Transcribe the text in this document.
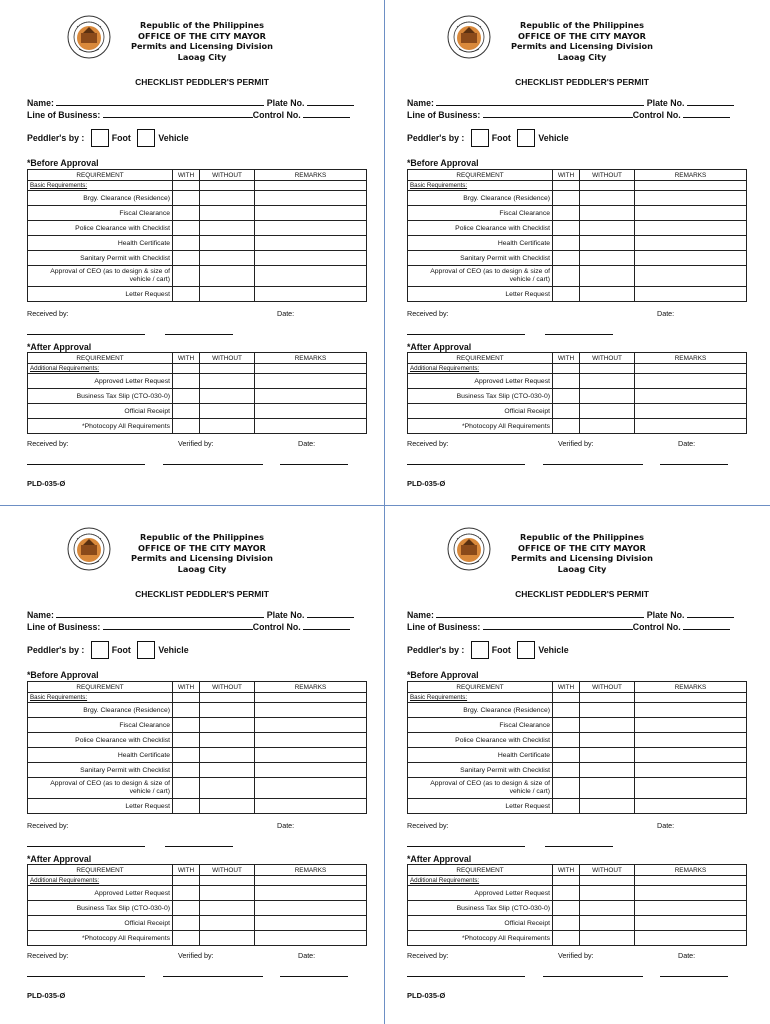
Republic of the Philippines
OFFICE OF THE CITY MAYOR
Permits and Licensing Division
Laoag City
CHECKLIST PEDDLER'S PERMIT
Name:	Plate No.
Line of Business:	Control No.
Peddler's by :	Foot	Vehicle
*Before Approval
REQUIREMENT	WITH	WITHOUT	REMARKS
Basic Requirements:			
Brgy. Clearance (Residence)			
Fiscal Clearance			
Police Clearance with Checklist			
Health Certificate			
Sanitary Permit with Checklist			
Approval of CEO (as to design & size of vehicle / cart)			
Letter Request			
Received by:	Date:
*After Approval
REQUIREMENT	WITH	WITHOUT	REMARKS
Additional Requirements:			
Approved Letter Request			
Business Tax Slip (CTO-030-0)			
Official Receipt			
*Photocopy All Requirements			
Received by:	Verified by:	Date:
PLD-035-Ø
Republic of the Philippines
OFFICE OF THE CITY MAYOR
Permits and Licensing Division
Laoag City
CHECKLIST PEDDLER'S PERMIT
Name:	Plate No.
Line of Business:	Control No.
Peddler's by :	Foot	Vehicle
*Before Approval
REQUIREMENT	WITH	WITHOUT	REMARKS
Basic Requirements:			
Brgy. Clearance (Residence)			
Fiscal Clearance			
Police Clearance with Checklist			
Health Certificate			
Sanitary Permit with Checklist			
Approval of CEO (as to design & size of vehicle / cart)			
Letter Request			
Received by:	Date:
*After Approval
REQUIREMENT	WITH	WITHOUT	REMARKS
Additional Requirements:			
Approved Letter Request			
Business Tax Slip (CTO-030-0)			
Official Receipt			
*Photocopy All Requirements			
Received by:	Verified by:	Date:
PLD-035-Ø
Republic of the Philippines
OFFICE OF THE CITY MAYOR
Permits and Licensing Division
Laoag City
CHECKLIST PEDDLER'S PERMIT
Name:	Plate No.
Line of Business:	Control No.
Peddler's by :	Foot	Vehicle
*Before Approval
REQUIREMENT	WITH	WITHOUT	REMARKS
Basic Requirements:			
Brgy. Clearance (Residence)			
Fiscal Clearance			
Police Clearance with Checklist			
Health Certificate			
Sanitary Permit with Checklist			
Approval of CEO (as to design & size of vehicle / cart)			
Letter Request			
Received by:	Date:
*After Approval
REQUIREMENT	WITH	WITHOUT	REMARKS
Additional Requirements:			
Approved Letter Request			
Business Tax Slip (CTO-030-0)			
Official Receipt			
*Photocopy All Requirements			
Received by:	Verified by:	Date:
PLD-035-Ø
Republic of the Philippines
OFFICE OF THE CITY MAYOR
Permits and Licensing Division
Laoag City
CHECKLIST PEDDLER'S PERMIT
Name:	Plate No.
Line of Business:	Control No.
Peddler's by :	Foot	Vehicle
*Before Approval
REQUIREMENT	WITH	WITHOUT	REMARKS
Basic Requirements:			
Brgy. Clearance (Residence)			
Fiscal Clearance			
Police Clearance with Checklist			
Health Certificate			
Sanitary Permit with Checklist			
Approval of CEO (as to design & size of vehicle / cart)			
Letter Request			
Received by:	Date:
*After Approval
REQUIREMENT	WITH	WITHOUT	REMARKS
Additional Requirements:			
Approved Letter Request			
Business Tax Slip (CTO-030-0)			
Official Receipt			
*Photocopy All Requirements			
Received by:	Verified by:	Date:
PLD-035-Ø
